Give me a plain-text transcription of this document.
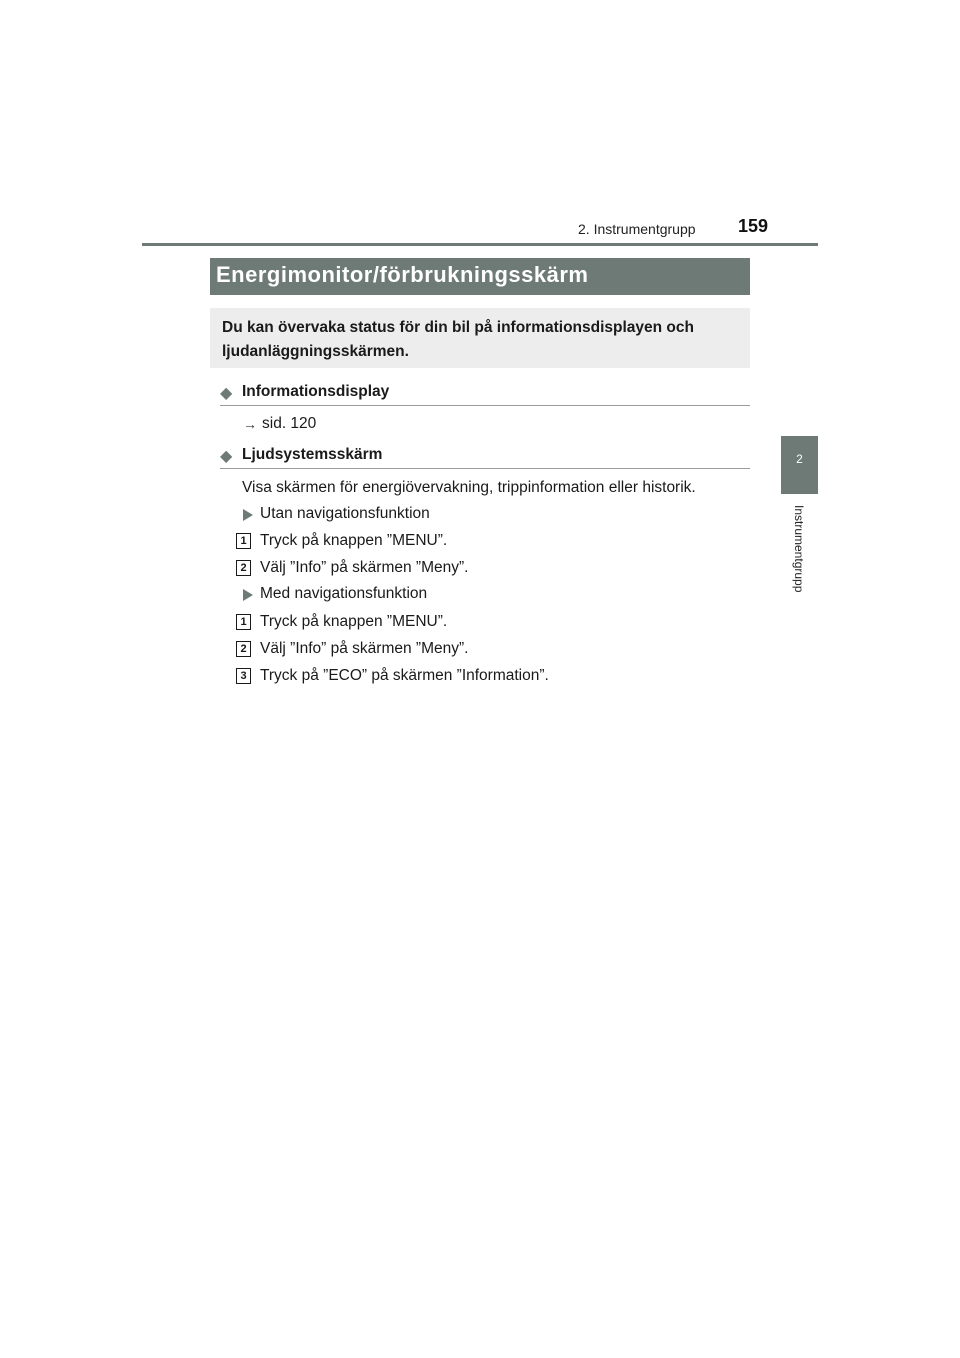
2. Instrumentgrupp 159
2
Instrumentgrupp
Energimonitor/förbrukningsskärm
Du kan övervaka status för din bil på informationsdisplayen och ljudanläggningsskärmen.
◆ Informationsdisplay
→ sid. 120
◆ Ljudsystemsskärm
Visa skärmen för energiövervakning, trippinformation eller historik.
Utan navigationsfunktion
1 Tryck på knappen ”MENU”.
2 Välj ”Info” på skärmen ”Meny”.
Med navigationsfunktion
1 Tryck på knappen ”MENU”.
2 Välj ”Info” på skärmen ”Meny”.
3 Tryck på ”ECO” på skärmen ”Information”.
